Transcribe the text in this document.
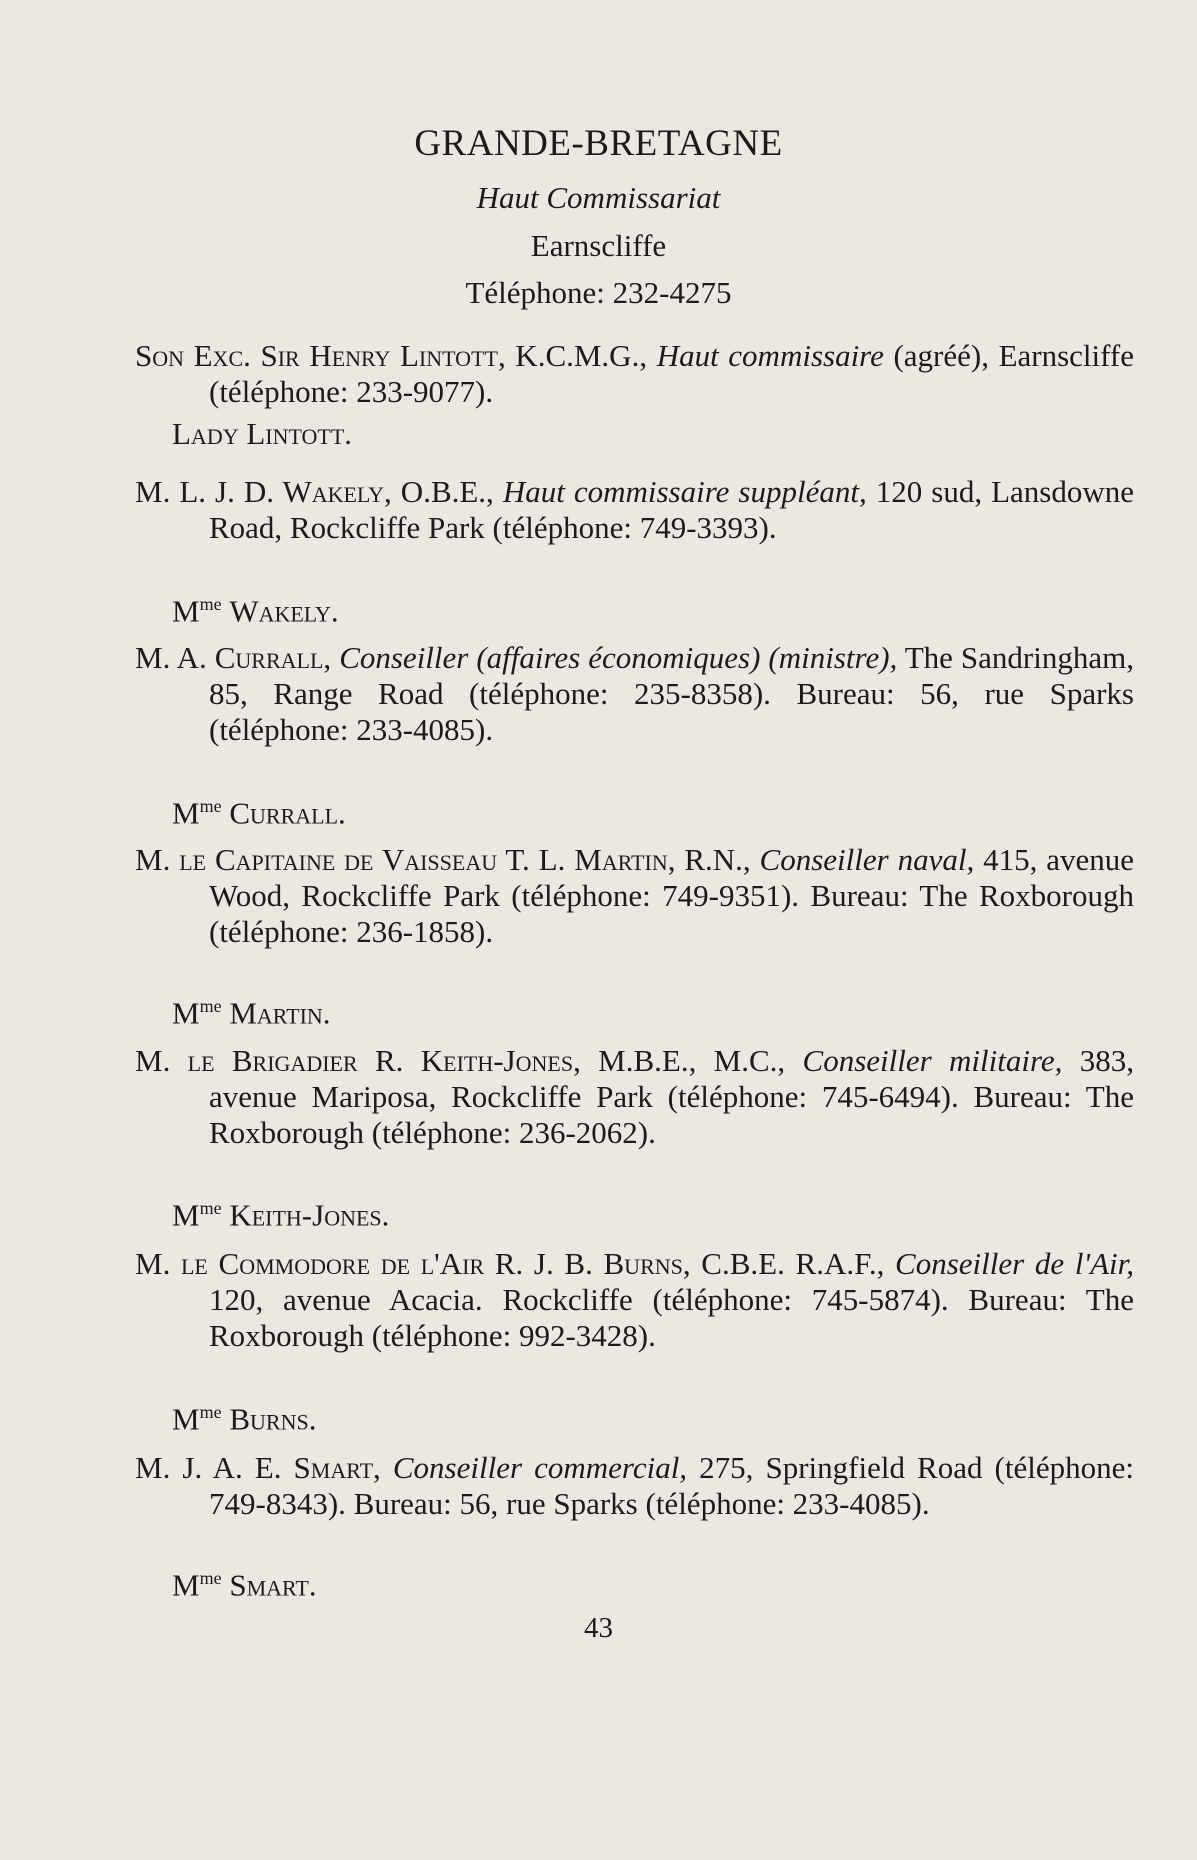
GRANDE-BRETAGNE
Haut Commissariat
Earnscliffe
Téléphone: 232-4275
Son Exc. Sir Henry Lintott, K.C.M.G., Haut commissaire (agréé), Earnscliffe (téléphone: 233-9077).
Lady Lintott.
M. L. J. D. Wakely, O.B.E., Haut commissaire suppléant, 120 sud, Lansdowne Road, Rockcliffe Park (téléphone: 749-3393).
$M^{me}$ Wakely.
M. A. Currall, Conseiller (affaires économiques) (ministre), The Sandringham, 85, Range Road (téléphone: 235-8358). Bureau: 56, rue Sparks (téléphone: 233-4085).
$M^{me}$ Currall.
M. le Capitaine de Vaisseau T. L. Martin, R.N., Conseiller naval, 415, avenue Wood, Rockcliffe Park (téléphone: 749-9351). Bureau: The Roxborough (téléphone: 236-1858).
$M^{me}$ Martin.
M. le Brigadier R. Keith-Jones, M.B.E., M.C., Conseiller militaire, 383, avenue Mariposa, Rockcliffe Park (téléphone: 745-6494). Bureau: The Roxborough (téléphone: 236-2062).
$M^{me}$ Keith-Jones.
M. le Commodore de l'Air R. J. B. Burns, C.B.E. R.A.F., Conseiller de l'Air, 120, avenue Acacia. Rockcliffe (téléphone: 745-5874). Bureau: The Roxborough (téléphone: 992-3428).
$M^{me}$ Burns.
M. J. A. E. Smart, Conseiller commercial, 275, Springfield Road (téléphone: 749-8343). Bureau: 56, rue Sparks (téléphone: 233-4085).
$M^{me}$ Smart.
43
